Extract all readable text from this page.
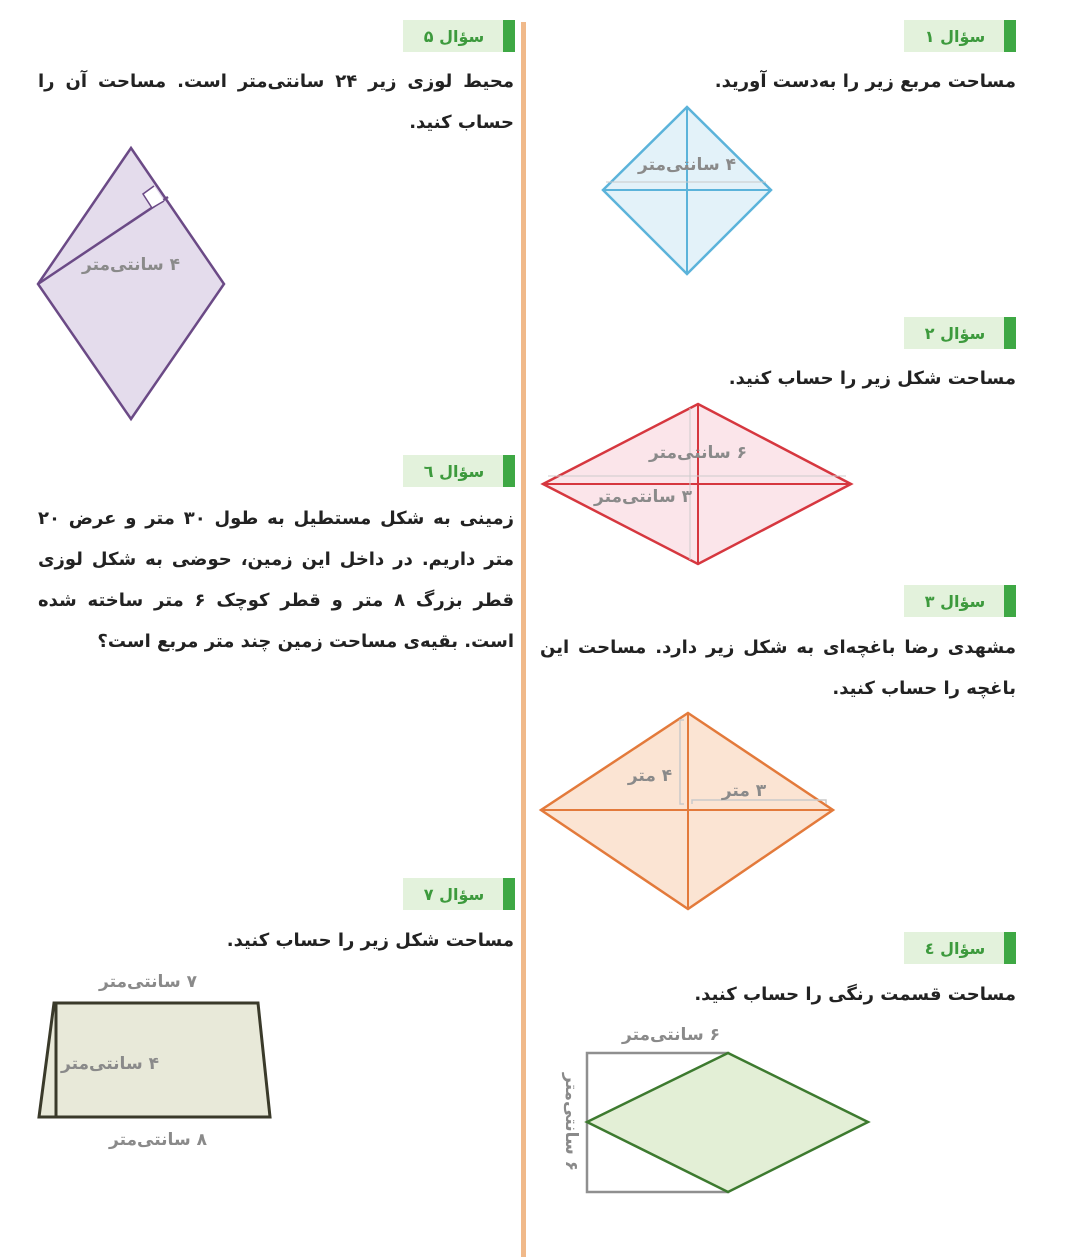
سؤال ۱
مساحت مربع زیر را به‌دست آورید.
سؤال ۲
مساحت شکل زیر را حساب کنید.
سؤال ۳
مشهدی رضا باغچه‌ای به شکل زیر دارد. مساحت این باغچه را حساب کنید.
سؤال ٤
مساحت قسمت رنگی را حساب کنید.
سؤال ۵
محیط لوزی زیر ۲۴ سانتی‌متر است. مساحت آن را حساب کنید.
سؤال ٦
زمینی به شکل مستطیل به طول ۳۰ متر و عرض ۲۰ متر داریم. در داخل این زمین، حوضی به شکل لوزی قطر بزرگ ۸ متر و قطر کوچک ۶ متر ساخته شده است. بقیه‌ی مساحت زمین چند متر مربع است؟
سؤال ۷
مساحت شکل زیر را حساب کنید.
۴ سانتی‌متر
۶ سانتی‌متر
۳ سانتی‌متر
۴ متر
۳ متر
۶ سانتی‌متر
۶ سانتی‌متر
۴ سانتی‌متر
۷ سانتی‌متر
۴ سانتی‌متر
۸ سانتی‌متر
